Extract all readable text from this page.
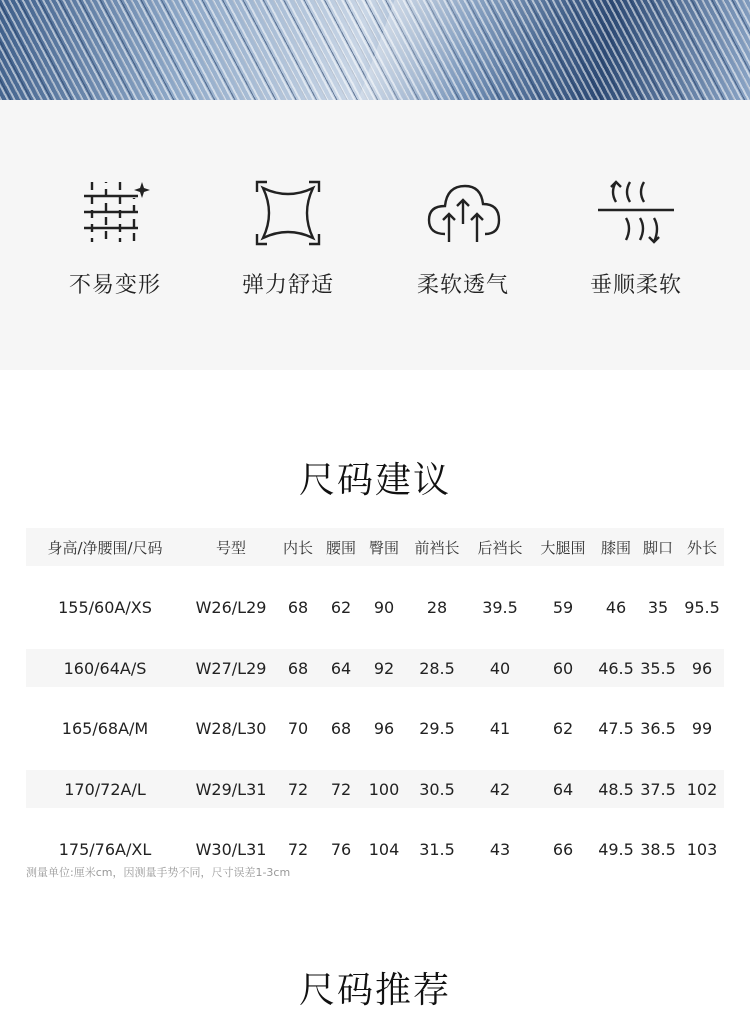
不易变形	弹力舒适	柔软透气	垂顺柔软
尺码建议
身高/净腰围/尺码	号型	内长	腰围	臀围	前裆长	后裆长	大腿围	膝围	脚口	外长

155/60A/XS	W26/L29	68	62	90	28	39.5	59	46	35	95.5

160/64A/S	W27/L29	68	64	92	28.5	40	60	46.5	35.5	96

165/68A/M	W28/L30	70	68	96	29.5	41	62	47.5	36.5	99

170/72A/L	W29/L31	72	72	100	30.5	42	64	48.5	37.5	102

175/76A/XL	W30/L31	72	76	104	31.5	43	66	49.5	38.5	103
测量单位:厘米cm，因测量手势不同，尺寸误差1-3cm
尺码推荐
